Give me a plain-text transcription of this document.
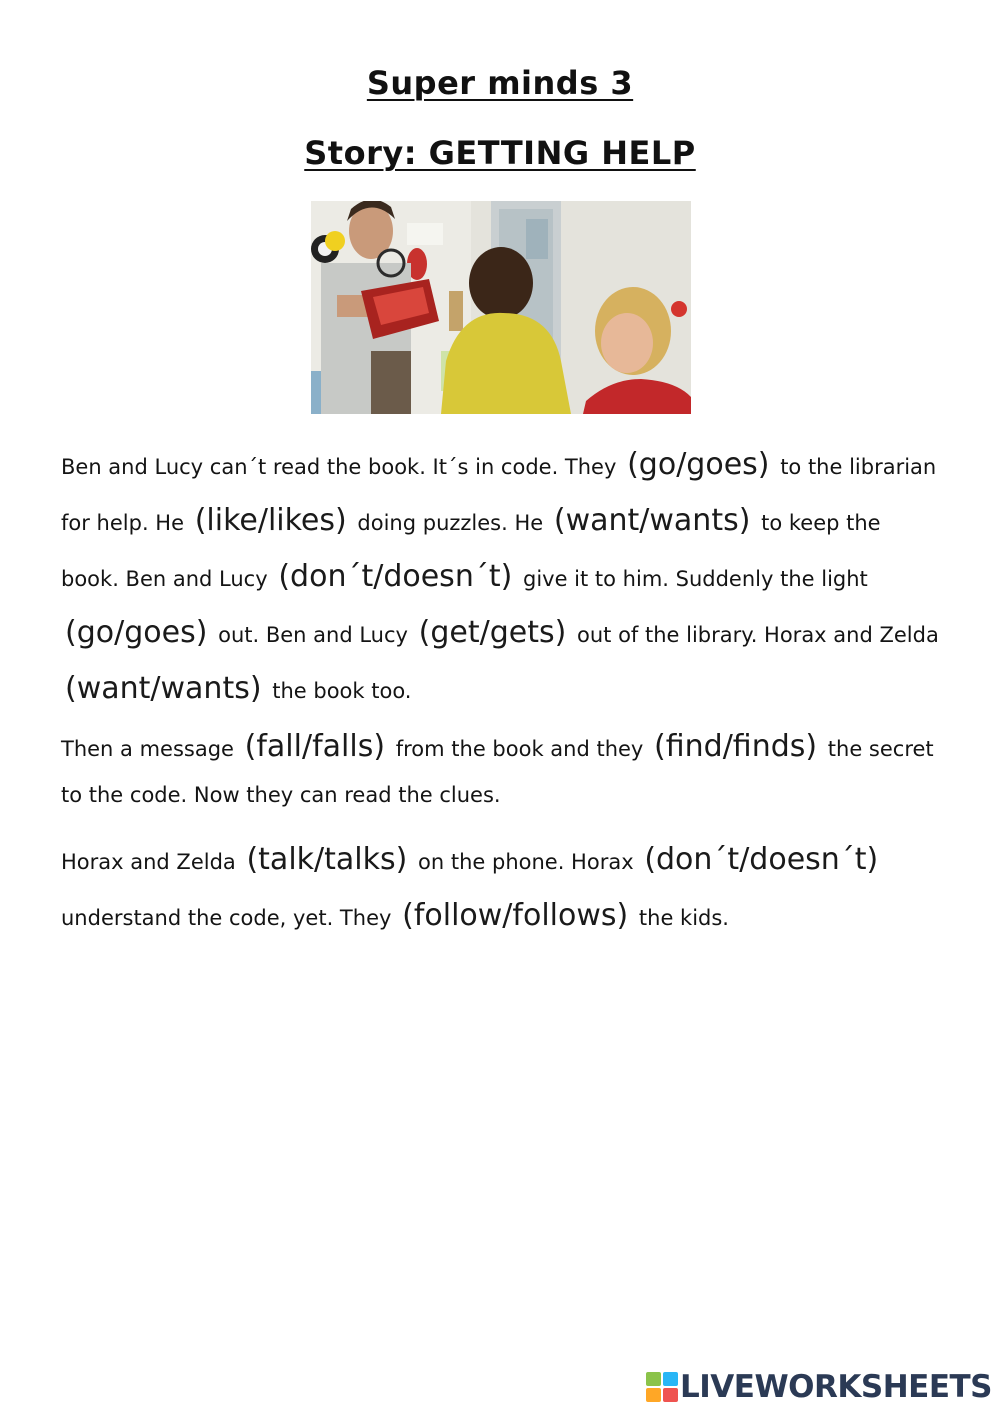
Super minds 3
Story: GETTING HELP
Ben and Lucy can´t read the book. It´s in code. They (go/goes) to the librarian for help. He (like/likes) doing puzzles. He (want/wants) to keep the book. Ben and Lucy (don´t/doesn´t) give it to him. Suddenly the light (go/goes) out. Ben and Lucy (get/gets) out of the library. Horax and Zelda (want/wants) the book too.
Then a message (fall/falls) from the book and they (find/finds) the secret to the code. Now they can read the clues.
Horax and Zelda (talk/talks) on the phone. Horax (don´t/doesn´t) understand the code, yet. They (follow/follows) the kids.
LIVEWORKSHEETS
